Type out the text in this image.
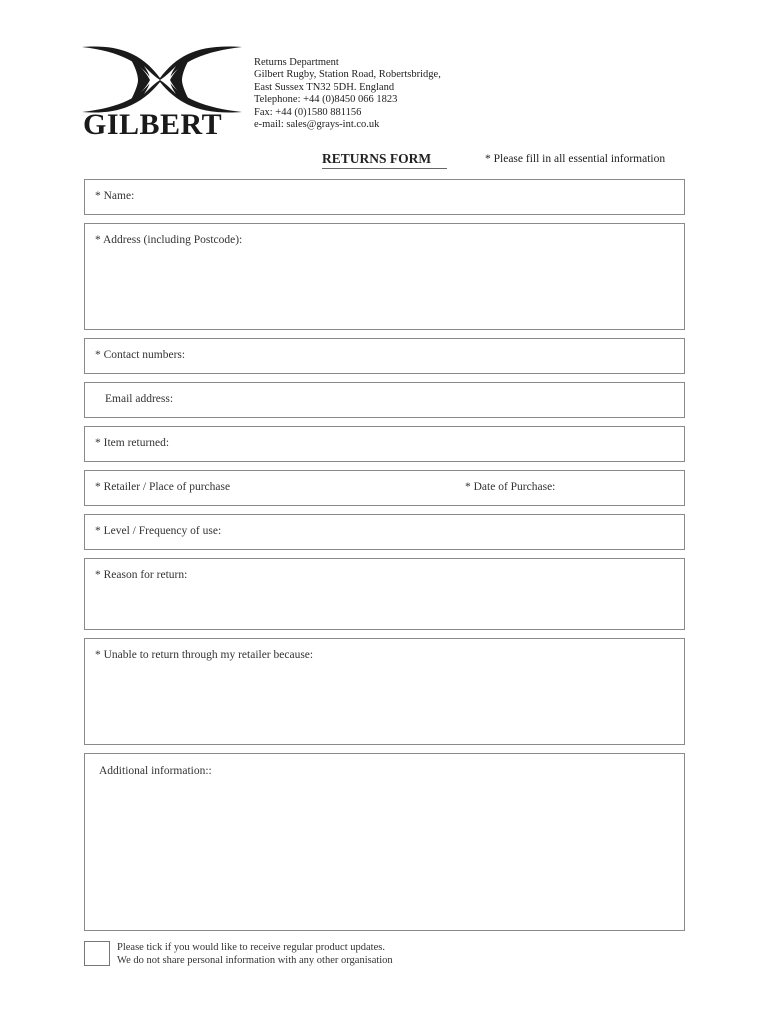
GILBERT
Returns Department
Gilbert Rugby, Station Road, Robertsbridge,
East Sussex TN32 5DH. England
Telephone: +44 (0)8450 066 1823
Fax: +44 (0)1580 881156
e-mail: sales@grays-int.co.uk
RETURNS FORM	* Please fill in all essential information
* Name:
* Address (including Postcode):
* Contact numbers:
Email address:
* Item returned:
* Retailer / Place of purchase	* Date of Purchase:
* Level / Frequency of use:
* Reason for return:
* Unable to return through my retailer because:
Additional information::
Please tick if you would like to receive regular product updates.
We do not share personal information with any other organisation
